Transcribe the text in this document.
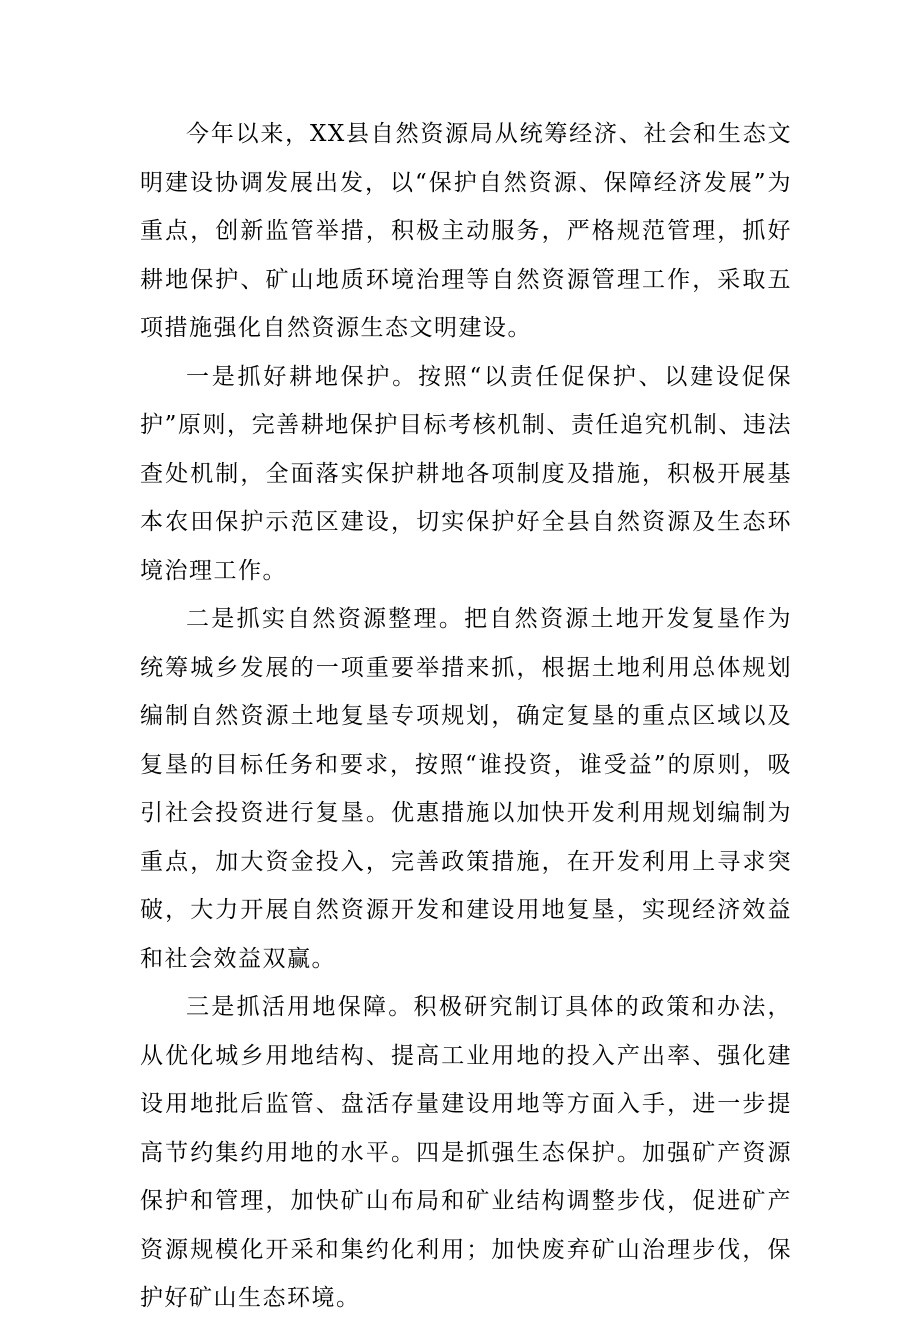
今年以来，XX县自然资源局从统筹经济、社会和生态文明建设协调发展出发，以“保护自然资源、保障经济发展”为重点，创新监管举措，积极主动服务，严格规范管理，抓好耕地保护、矿山地质环境治理等自然资源管理工作，采取五项措施强化自然资源生态文明建设。

一是抓好耕地保护。按照“以责任促保护、以建设促保护”原则，完善耕地保护目标考核机制、责任追究机制、违法查处机制，全面落实保护耕地各项制度及措施，积极开展基本农田保护示范区建设，切实保护好全县自然资源及生态环境治理工作。

二是抓实自然资源整理。把自然资源土地开发复垦作为统筹城乡发展的一项重要举措来抓，根据土地利用总体规划编制自然资源土地复垦专项规划，确定复垦的重点区域以及复垦的目标任务和要求，按照“谁投资，谁受益”的原则，吸引社会投资进行复垦。优惠措施以加快开发利用规划编制为重点，加大资金投入，完善政策措施，在开发利用上寻求突破，大力开展自然资源开发和建设用地复垦，实现经济效益和社会效益双赢。

三是抓活用地保障。积极研究制订具体的政策和办法，从优化城乡用地结构、提高工业用地的投入产出率、强化建设用地批后监管、盘活存量建设用地等方面入手，进一步提高节约集约用地的水平。四是抓强生态保护。加强矿产资源保护和管理，加快矿山布局和矿业结构调整步伐，促进矿产资源规模化开采和集约化利用；加快废弃矿山治理步伐，保护好矿山生态环境。
